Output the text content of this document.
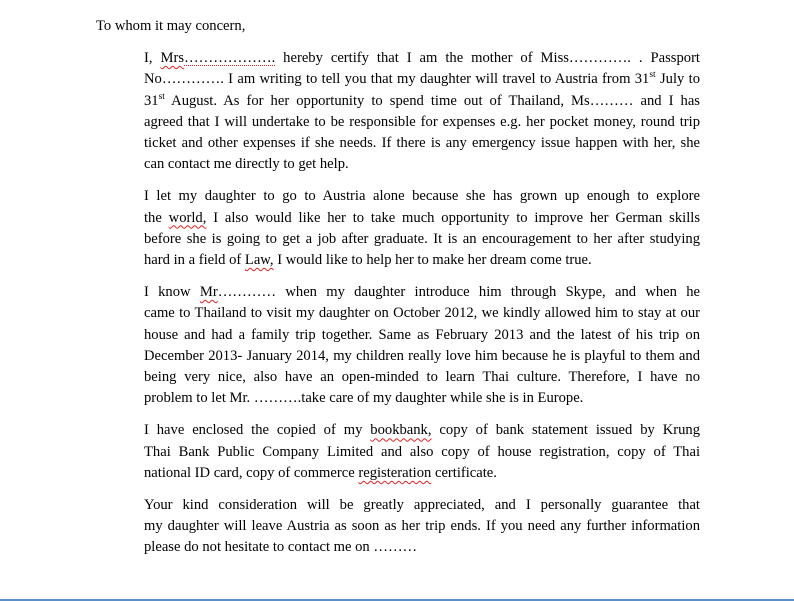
To whom it may concern,
I, Mrs………………. hereby certify that I am the mother of Miss…………. . Passport
No…………. I am writing to tell you that my daughter will travel to Austria from 31st July to
31st August. As for her opportunity to spend time out of Thailand, Ms……… and I has
agreed that I will undertake to be responsible for expenses e.g. her pocket money, round trip
ticket and other expenses if she needs. If there is any emergency issue happen with her, she
can contact me directly to get help.
I let my daughter to go to Austria alone because she has grown up enough to explore
the world, I also would like her to take much opportunity to improve her German skills
before she is going to get a job after graduate. It is an encouragement to her after studying
hard in a field of Law, I would like to help her to make her dream come true.
I know Mr………… when my daughter introduce him through Skype, and when he
came to Thailand to visit my daughter on October 2012, we kindly allowed him to stay at our
house and had a family trip together. Same as February 2013 and the latest of his trip on
December 2013- January 2014, my children really love him because he is playful to them and
being very nice, also have an open-minded to learn Thai culture. Therefore, I have no
problem to let Mr. ……….take care of my daughter while she is in Europe.
I have enclosed the copied of my bookbank, copy of bank statement issued by Krung
Thai Bank Public Company Limited and also copy of house registration, copy of Thai
national ID card, copy of commerce registeration certificate.
Your kind consideration will be greatly appreciated, and I personally guarantee that
my daughter will leave Austria as soon as her trip ends. If you need any further information
please do not hesitate to contact me on ………
